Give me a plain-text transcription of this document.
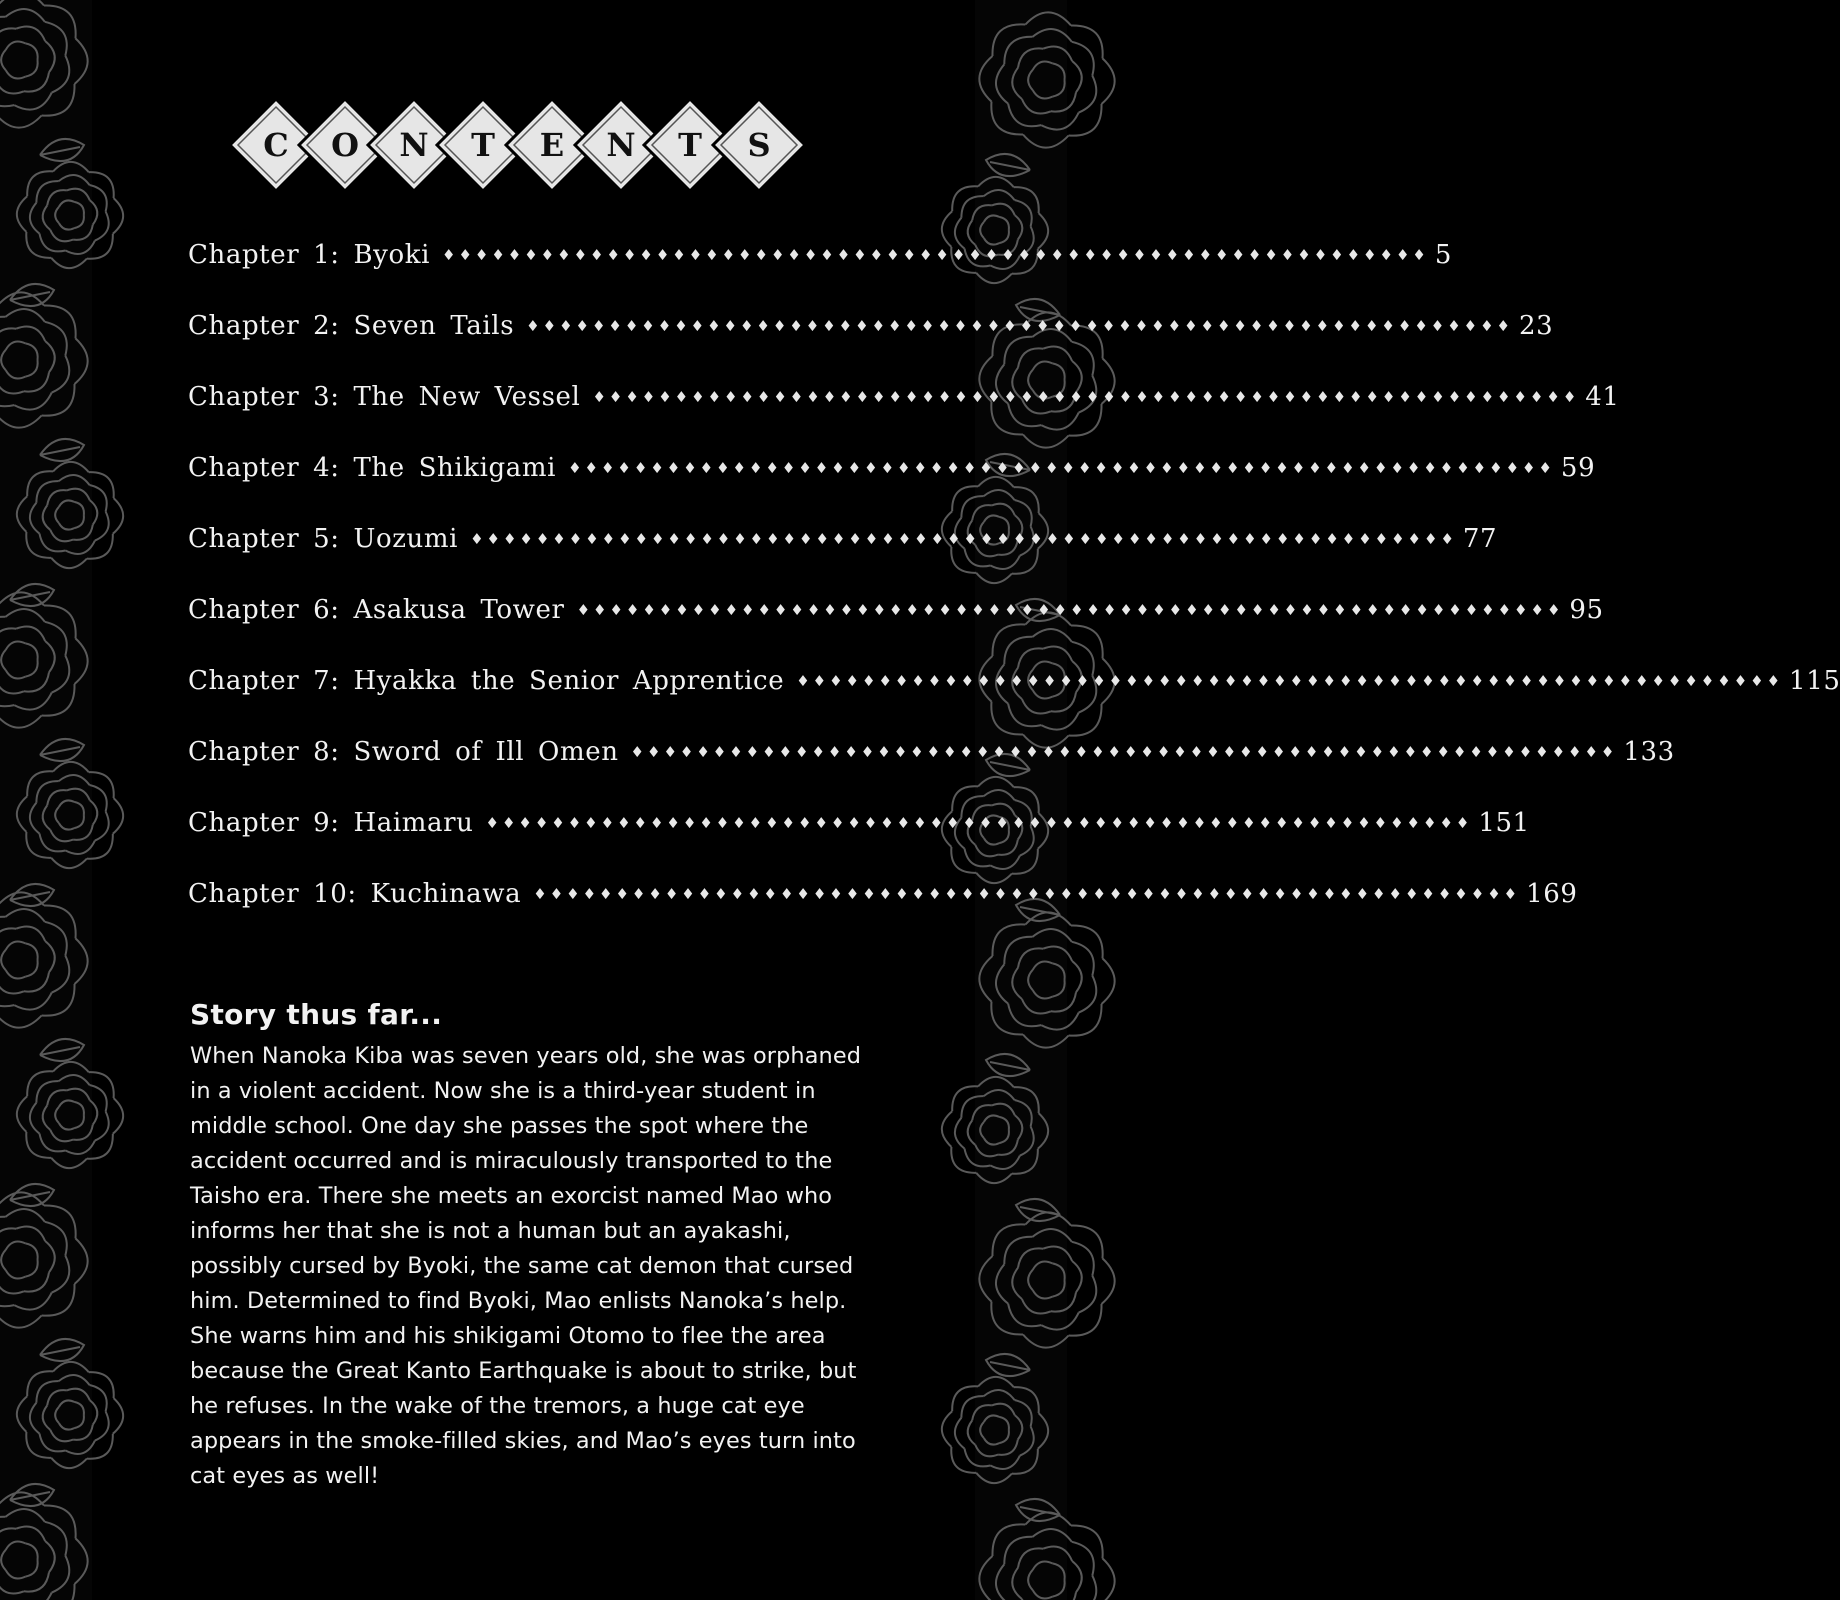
C O N T E N T S
Chapter 1: Byoki ♦♦♦♦♦♦♦♦♦♦♦♦♦♦♦♦♦♦♦♦♦♦♦♦♦♦♦♦♦♦♦♦♦♦♦♦♦♦♦♦♦♦♦♦♦♦♦♦♦♦♦♦♦♦♦♦♦♦♦♦ 5
Chapter 2: Seven Tails ♦♦♦♦♦♦♦♦♦♦♦♦♦♦♦♦♦♦♦♦♦♦♦♦♦♦♦♦♦♦♦♦♦♦♦♦♦♦♦♦♦♦♦♦♦♦♦♦♦♦♦♦♦♦♦♦♦♦♦♦ 23
Chapter 3: The New Vessel ♦♦♦♦♦♦♦♦♦♦♦♦♦♦♦♦♦♦♦♦♦♦♦♦♦♦♦♦♦♦♦♦♦♦♦♦♦♦♦♦♦♦♦♦♦♦♦♦♦♦♦♦♦♦♦♦♦♦♦♦ 41
Chapter 4: The Shikigami ♦♦♦♦♦♦♦♦♦♦♦♦♦♦♦♦♦♦♦♦♦♦♦♦♦♦♦♦♦♦♦♦♦♦♦♦♦♦♦♦♦♦♦♦♦♦♦♦♦♦♦♦♦♦♦♦♦♦♦♦ 59
Chapter 5: Uozumi ♦♦♦♦♦♦♦♦♦♦♦♦♦♦♦♦♦♦♦♦♦♦♦♦♦♦♦♦♦♦♦♦♦♦♦♦♦♦♦♦♦♦♦♦♦♦♦♦♦♦♦♦♦♦♦♦♦♦♦♦ 77
Chapter 6: Asakusa Tower ♦♦♦♦♦♦♦♦♦♦♦♦♦♦♦♦♦♦♦♦♦♦♦♦♦♦♦♦♦♦♦♦♦♦♦♦♦♦♦♦♦♦♦♦♦♦♦♦♦♦♦♦♦♦♦♦♦♦♦♦ 95
Chapter 7: Hyakka the Senior Apprentice ♦♦♦♦♦♦♦♦♦♦♦♦♦♦♦♦♦♦♦♦♦♦♦♦♦♦♦♦♦♦♦♦♦♦♦♦♦♦♦♦♦♦♦♦♦♦♦♦♦♦♦♦♦♦♦♦♦♦♦♦ 115
Chapter 8: Sword of Ill Omen ♦♦♦♦♦♦♦♦♦♦♦♦♦♦♦♦♦♦♦♦♦♦♦♦♦♦♦♦♦♦♦♦♦♦♦♦♦♦♦♦♦♦♦♦♦♦♦♦♦♦♦♦♦♦♦♦♦♦♦♦ 133
Chapter 9: Haimaru ♦♦♦♦♦♦♦♦♦♦♦♦♦♦♦♦♦♦♦♦♦♦♦♦♦♦♦♦♦♦♦♦♦♦♦♦♦♦♦♦♦♦♦♦♦♦♦♦♦♦♦♦♦♦♦♦♦♦♦♦ 151
Chapter 10: Kuchinawa ♦♦♦♦♦♦♦♦♦♦♦♦♦♦♦♦♦♦♦♦♦♦♦♦♦♦♦♦♦♦♦♦♦♦♦♦♦♦♦♦♦♦♦♦♦♦♦♦♦♦♦♦♦♦♦♦♦♦♦♦ 169
Story thus far...

When Nanoka Kiba was seven years old, she was orphaned in a violent accident. Now she is a third-year student in middle school. One day she passes the spot where the accident occurred and is miraculously transported to the Taisho era. There she meets an exorcist named Mao who informs her that she is not a human but an ayakashi, possibly cursed by Byoki, the same cat demon that cursed him. Determined to find Byoki, Mao enlists Nanoka’s help. She warns him and his shikigami Otomo to flee the area because the Great Kanto Earthquake is about to strike, but he refuses. In the wake of the tremors, a huge cat eye appears in the smoke-filled skies, and Mao’s eyes turn into cat eyes as well!
